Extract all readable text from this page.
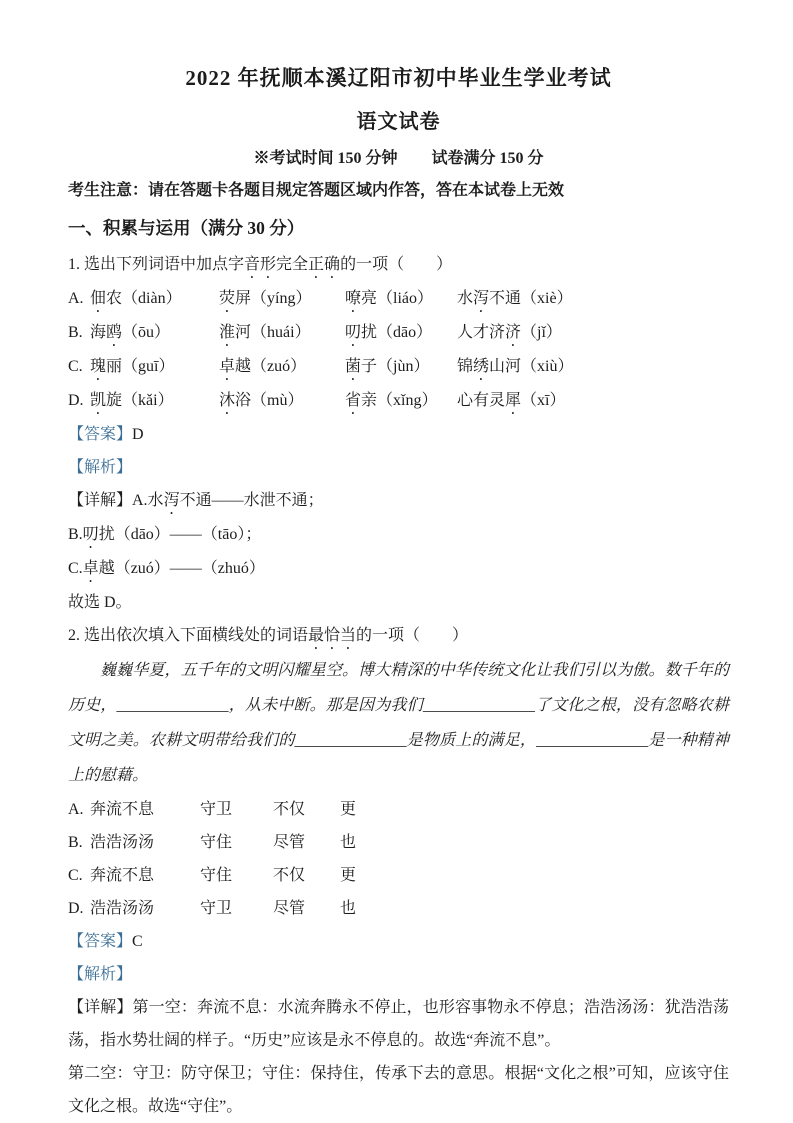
2022 年抚顺本溪辽阳市初中毕业生学业考试
语文试卷

※考试时间 150 分钟 试卷满分 150 分

考生注意：请在答题卡各题目规定答题区域内作答，答在本试卷上无效

一、积累与运用（满分 30 分）

1. 选出下列词语中加点字音形完全正确的一项（　　）

A. 佃农（diàn） 荧屏（yíng） 嘹亮（liáo） 水泻不通（xiè）
B. 海鸥（ōu）	淮河（huái） 叨扰（dāo） 人才济济（jǐ）
C. 瑰丽（guī）	卓越（zuó） 菌子（jùn） 锦绣山河（xiù）
D. 凯旋（kǎi）	沐浴（mù）	省亲（xǐng） 心有灵犀（xī）

【答案】D

【解析】

【详解】A.水泻不通——水泄不通；

B.叨扰（dāo）——（tāo）；

C.卓越（zuó）——（zhuó）

故选 D。

2. 选出依次填入下面横线处的词语最恰当的一项（　　）

巍巍华夏，五千年的文明闪耀星空。博大精深的中华传统文化让我们引以为傲。数千年的历史，______________，从未中断。那是因为我们______________了文化之根，没有忽略农耕文明之美。农耕文明带给我们的______________是物质上的满足，______________是一种精神上的慰藉。

A. 奔流不息	守卫	不仅 更
B. 浩浩汤汤	守住	尽管 也
C. 奔流不息	守住	不仅 更
D. 浩浩汤汤	守卫	尽管 也

【答案】C

【解析】

【详解】第一空：奔流不息：水流奔腾永不停止，也形容事物永不停息；浩浩汤汤：犹浩浩荡荡，指水势壮阔的样子。“历史”应该是永不停息的。故选“奔流不息”。

第二空：守卫：防守保卫；守住：保持住，传承下去的意思。根据“文化之根”可知，应该守住文化之根。故选“守住”。
